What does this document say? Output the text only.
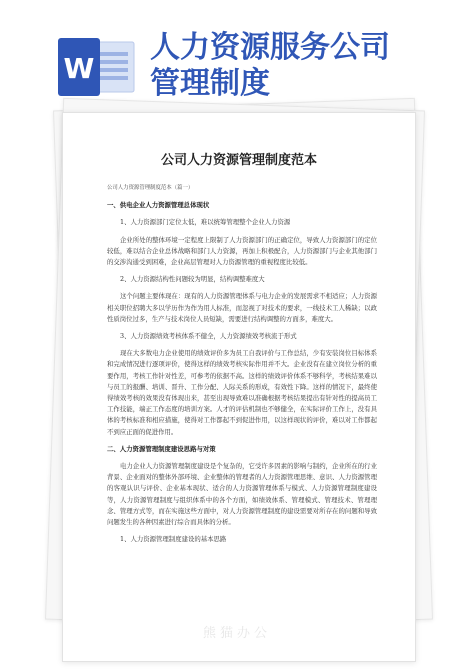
W
人力资源服务公司
管理制度
公司人力资源管理制度范本

公司人力资源管理制度范本（篇一）

一、供电企业人力资源管理总体现状

1、人力资源部门定位太低，难以统筹管理整个企业人力资源

企业所处的整体环境一定程度上限制了人力资源部门的正确定位，导致人力资源部门的定位较低，难以结合企业总体战略和部门人力资源，再加上积极配合，人力资源部门与企业其他部门的交涉沟通受到困难，企业高层管理对人力资源管理的重视程度比较低。

2、人力资源结构性问题较为明显，结构调整难度大

这个问题主要体现在：现有的人力资源管理体系与电力企业的发展需求不相适应；人力资源相关职位招聘大多以学历作为作为用人标准，而忽视了对技术的要求，一线技术工人稀缺；以政性质岗位过多，生产与技术岗位人员短缺，需要进行结构调整的方面多，难度大。

3、人力资源绩效考核体系不健全，人力资源绩效考核流于形式

现在大多数电力企业使用的绩效评价多为员工自我评价与工作总结，少有安装岗位目标体系和完成情况进行逐项评价，使得这样的绩效考核实际作用并不大。企业没有在建立岗位分析的重要作用，考核工作针对性差，可参考的依据不高。这样的绩效评价体系不够科学，考核结果难以与员工的报酬、培训、晋升、工作分配、人际关系的形成，有效性下降。这样的情况下，最终使得绩效考核的效果没有体现出来，甚至出现导致难以准确根据考核结果提出有针对性的提高员工工作技能，端正工作态度的培训方案。人才的评估机制也不够健全，在实际评价工作上，没有具体的考核标准和相应措施，使得对工作都起不到促进作用，以这样现状的评价，难以对工作都起不到应正面的促进作用。

二、人力资源管理制度建设思路与对策

电力企业人力资源管理制度建设是个复杂的，它受许多因素的影响与制约，企业所在的行业背景、企业面对的整体外部环境、企业整体的管理者的人力资源管理思维、意识、人力资源管理的客观认识与评价、企业基本现状、适合的人力资源管理体系与模式、人力资源管理制度建设等，人力资源管理制度与组织体系中的各个方面，如绩效体系、管理模式、管理技术、管理理念、管理方式等，而在实施这些方面中，对人力资源管理制度的建设需要对所存在的问题和导致问题发生的各种因素进行综合而具体的分析。

1、人力资源管理制度建设的基本思路

熊猫办公
